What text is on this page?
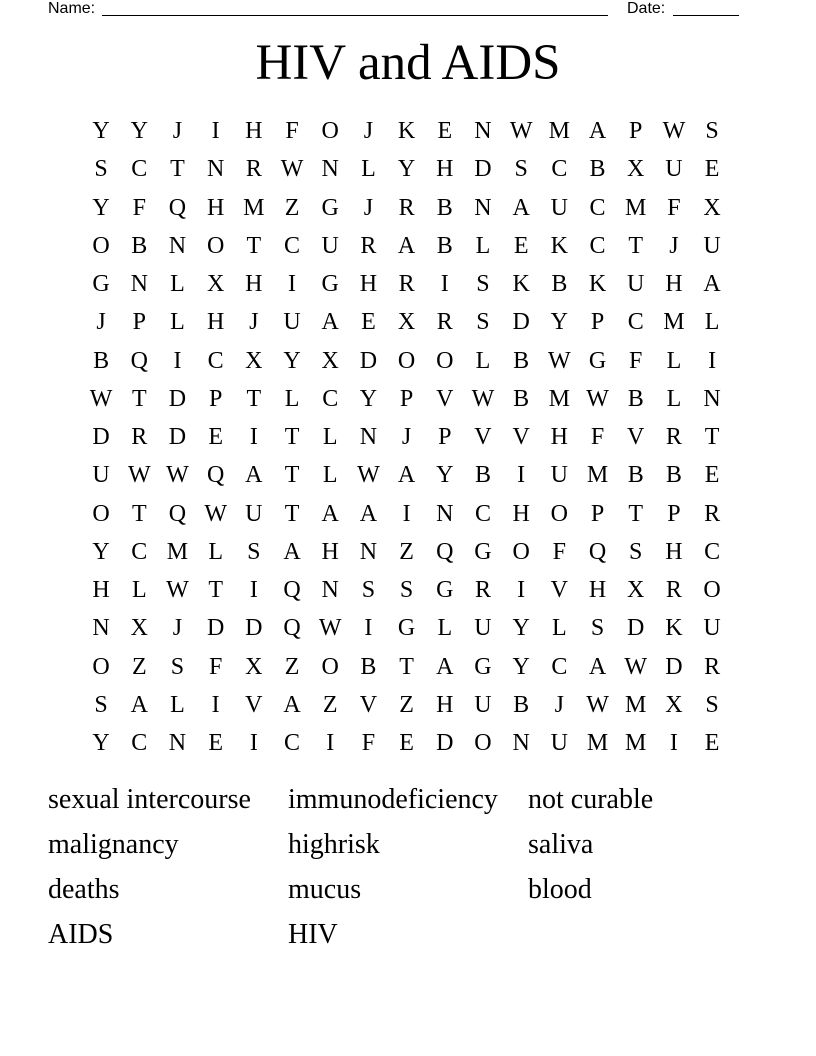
Name:	Date:
HIV and AIDS
Y Y	J	I	H F O	J	K E N W M A P W S
S C T N R W N L Y H D S C B X U E
Y F Q H M Z G	J	R B N A U C M F X
O B N O T C U R A B L E K C T	J	U
G N L X H	I	G H R	I	S K B K U H A
J	P	L H	J	U A E X R S D Y P C M L
B Q	I	C X Y X D O O L B W G F	L	I
W T D P	T L C Y P V W B M W B L N
D R D E	I	T L N	J	P V V H F V R T
U W W Q A T L W A Y B	I	U M B B E
O T Q W U T A A	I	N C H O P	T	P R
Y C M L	S A H N Z Q G O F Q S H C
H L W T	I	Q N S	S G R	I	V H X R O
N X	J	D D Q W I	G L U Y L	S D K U
O Z	S	F X Z O B T A G Y C A W D R
S A L	I	V A Z V Z H U B	J W M X S
Y C N E	I	C	I	F	E D O N U M M I	E
sexual intercourse	immunodeficiency	not curable
malignancy	highrisk	saliva
deaths	mucus	blood
AIDS	HIV
